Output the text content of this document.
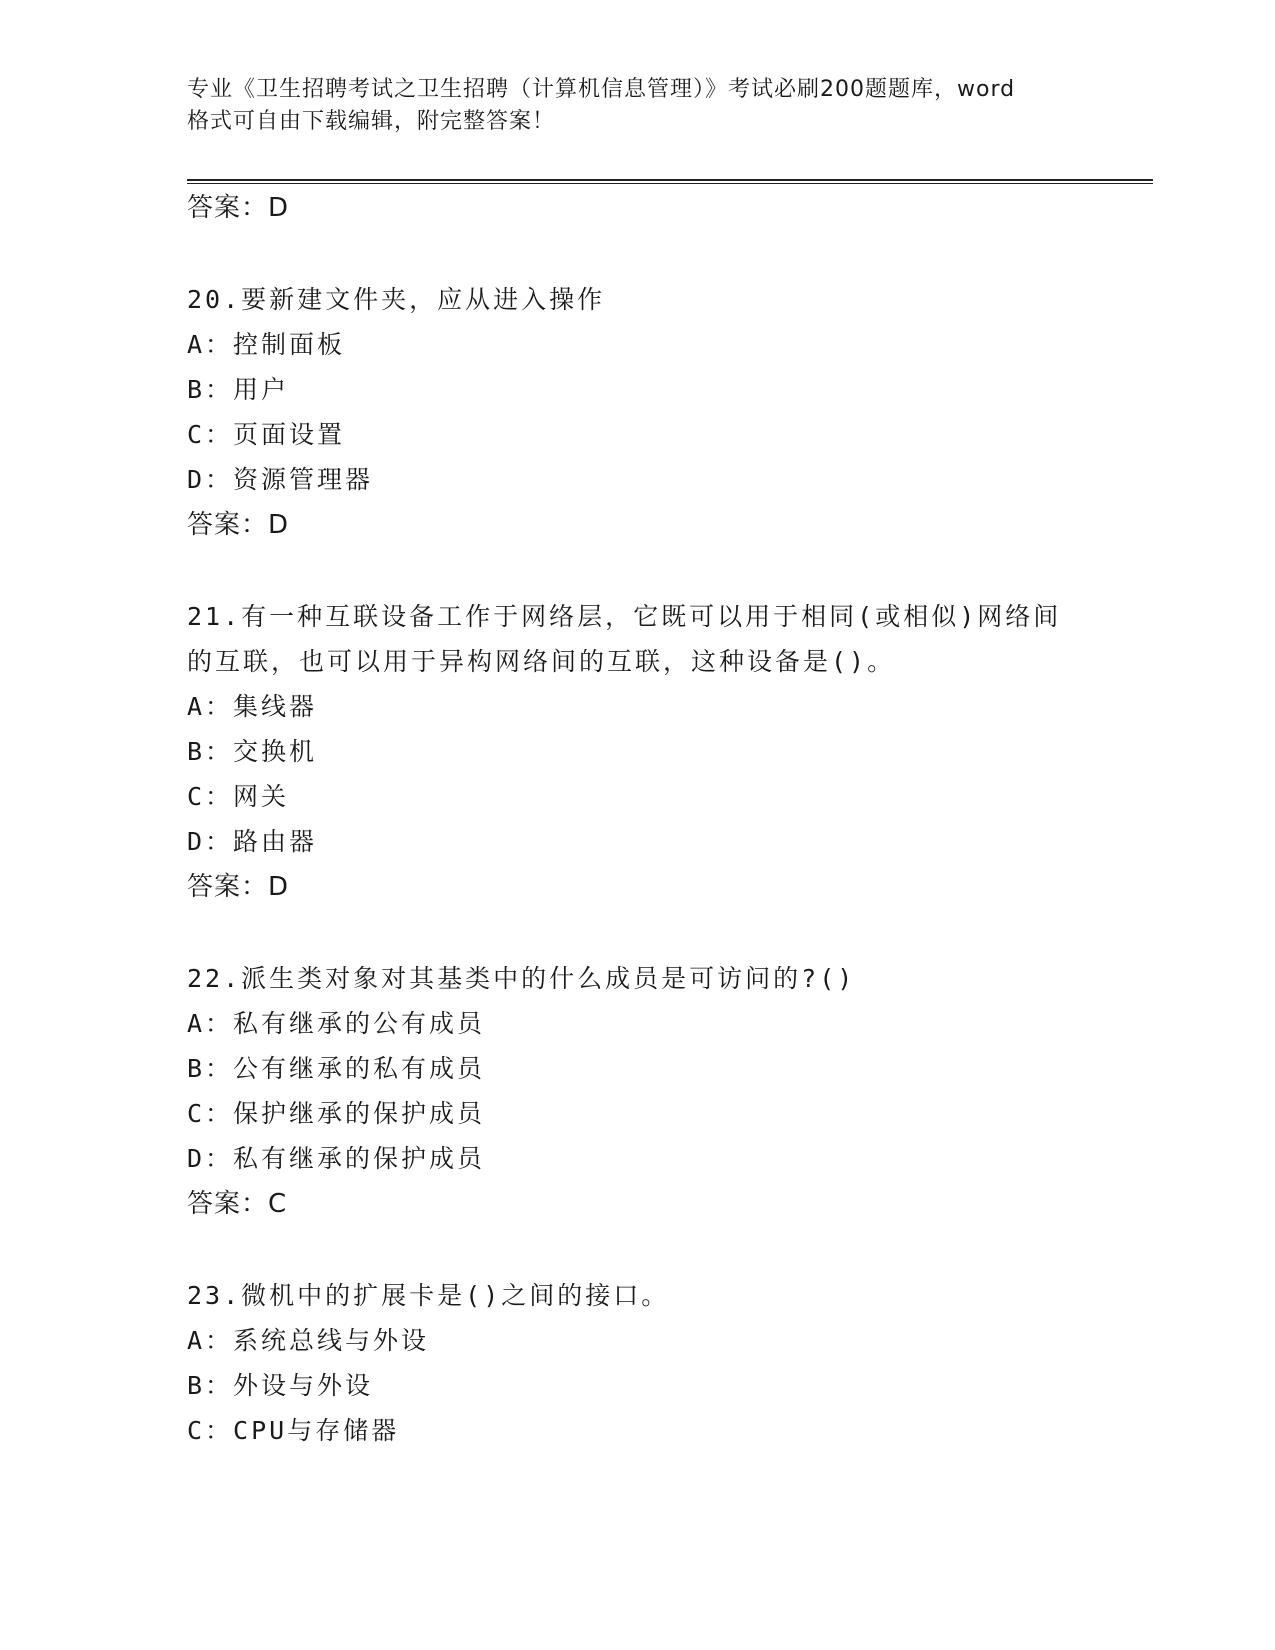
专业《卫生招聘考试之卫生招聘（计算机信息管理）》考试必刷200题题库，word
格式可自由下载编辑，附完整答案！
答案：D
20.要新建文件夹，应从进入操作
A：控制面板
B：用户
C：页面设置
D：资源管理器
答案：D
21.有一种互联设备工作于网络层，它既可以用于相同(或相似)网络间
的互联，也可以用于异构网络间的互联，这种设备是()。
A：集线器
B：交换机
C：网关
D：路由器
答案：D
22.派生类对象对其基类中的什么成员是可访问的?()
A：私有继承的公有成员
B：公有继承的私有成员
C：保护继承的保护成员
D：私有继承的保护成员
答案：C
23.微机中的扩展卡是()之间的接口。
A：系统总线与外设
B：外设与外设
C：CPU与存储器
